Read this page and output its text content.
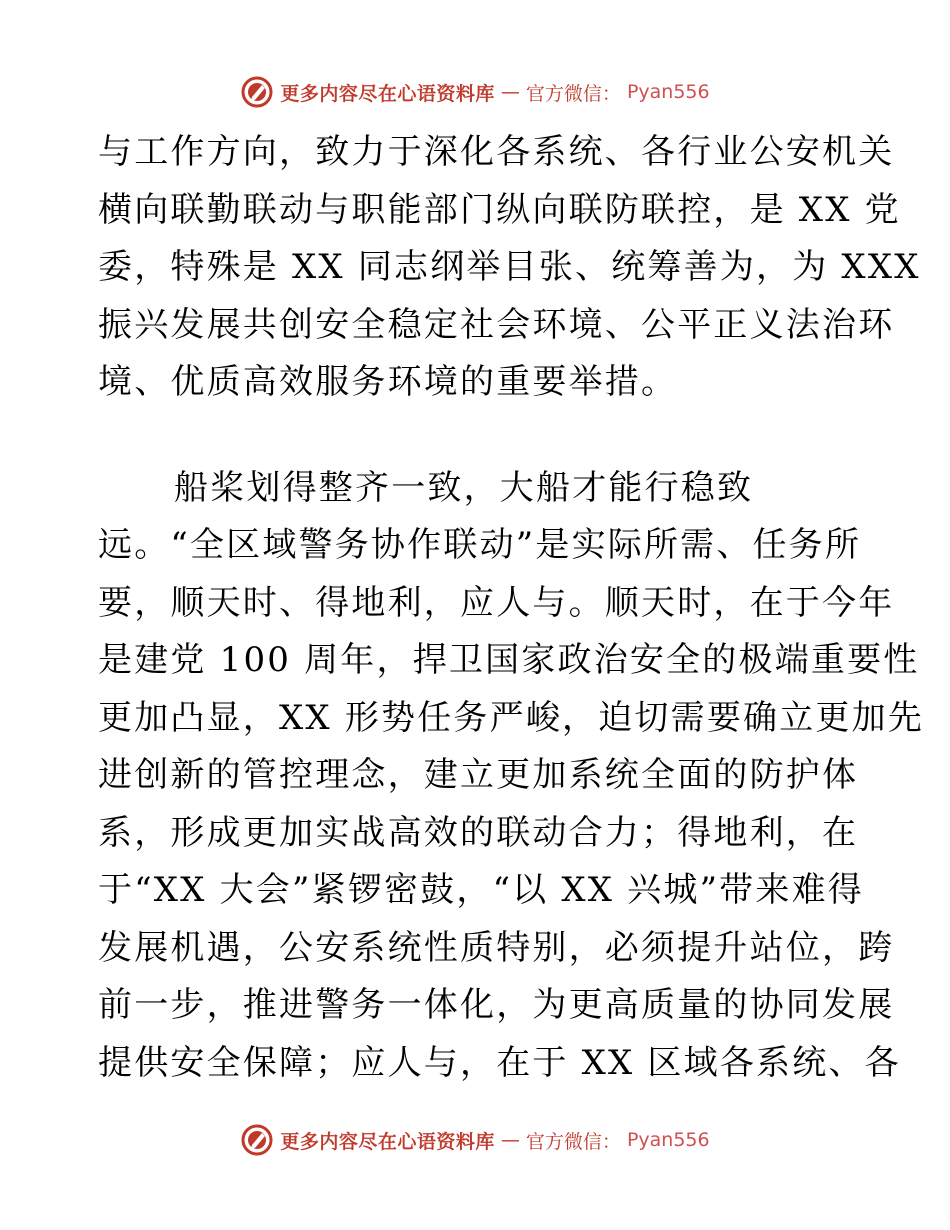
更多内容尽在心语资料库 — 官方微信： Pyan556
与工作方向，致力于深化各系统、各行业公安机关
横向联勤联动与职能部门纵向联防联控，是 XX 党
委，特殊是 XX 同志纲举目张、统筹善为，为 XXX
振兴发展共创安全稳定社会环境、公平正义法治环
境、优质高效服务环境的重要举措。
船桨划得整齐一致，大船才能行稳致
远。“全区域警务协作联动”是实际所需、任务所
要，顺天时、得地利，应人与。顺天时，在于今年
是建党 100 周年，捍卫国家政治安全的极端重要性
更加凸显，XX 形势任务严峻，迫切需要确立更加先
进创新的管控理念，建立更加系统全面的防护体
系，形成更加实战高效的联动合力；得地利，在
于“XX 大会”紧锣密鼓，“以 XX 兴城”带来难得
发展机遇，公安系统性质特别，必须提升站位，跨
前一步，推进警务一体化，为更高质量的协同发展
提供安全保障；应人与，在于 XX 区域各系统、各
更多内容尽在心语资料库 — 官方微信： Pyan556
